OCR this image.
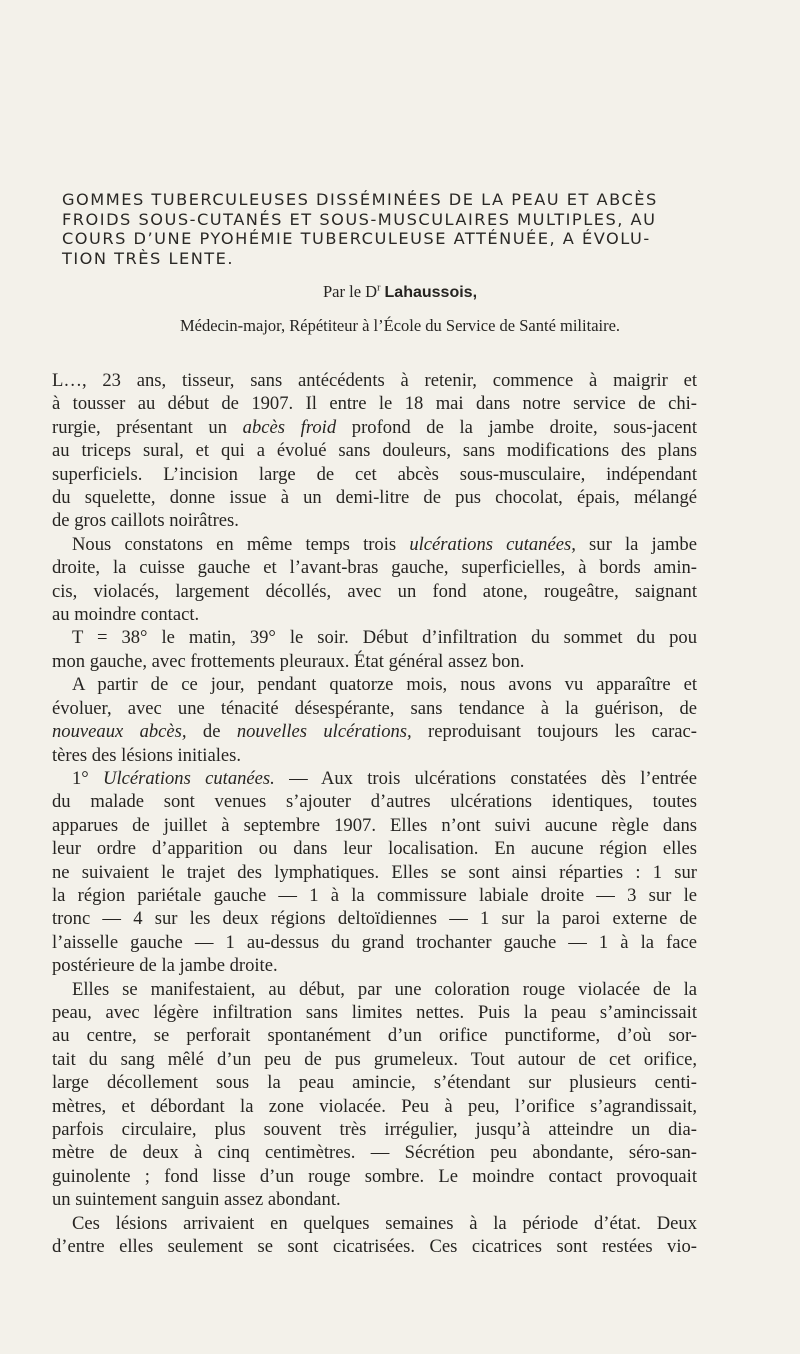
GOMMES TUBERCULEUSES DISSÉMINÉES DE LA PEAU ET ABCÈS
FROIDS SOUS-CUTANÉS ET SOUS-MUSCULAIRES MULTIPLES, AU
COURS D’UNE PYOHÉMIE TUBERCULEUSE ATTÉNUÉE, A ÉVOLU-
TION TRÈS LENTE.
Par le $D^r$ Lahaussois,
Médecin-major, Répétiteur à l’École du Service de Santé militaire.
L…, 23 ans, tisseur, sans antécédents à retenir, commence à maigrir et
à tousser au début de 1907. Il entre le 18 mai dans notre service de chi-
rurgie, présentant un abcès froid profond de la jambe droite, sous-jacent
au triceps sural, et qui a évolué sans douleurs, sans modifications des plans
superficiels. L’incision large de cet abcès sous-musculaire, indépendant
du squelette, donne issue à un demi-litre de pus chocolat, épais, mélangé
de gros caillots noirâtres.
Nous constatons en même temps trois ulcérations cutanées, sur la jambe
droite, la cuisse gauche et l’avant-bras gauche, superficielles, à bords amin-
cis, violacés, largement décollés, avec un fond atone, rougeâtre, saignant
au moindre contact.
T = 38° le matin, 39° le soir. Début d’infiltration du sommet du pou
mon gauche, avec frottements pleuraux. État général assez bon.
A partir de ce jour, pendant quatorze mois, nous avons vu apparaître et
évoluer, avec une ténacité désespérante, sans tendance à la guérison, de
nouveaux abcès, de nouvelles ulcérations, reproduisant toujours les carac-
tères des lésions initiales.
1° Ulcérations cutanées. — Aux trois ulcérations constatées dès l’entrée
du malade sont venues s’ajouter d’autres ulcérations identiques, toutes
apparues de juillet à septembre 1907. Elles n’ont suivi aucune règle dans
leur ordre d’apparition ou dans leur localisation. En aucune région elles
ne suivaient le trajet des lymphatiques. Elles se sont ainsi réparties : 1 sur
la région pariétale gauche — 1 à la commissure labiale droite — 3 sur le
tronc — 4 sur les deux régions deltoïdiennes — 1 sur la paroi externe de
l’aisselle gauche — 1 au-dessus du grand trochanter gauche — 1 à la face
postérieure de la jambe droite.
Elles se manifestaient, au début, par une coloration rouge violacée de la
peau, avec légère infiltration sans limites nettes. Puis la peau s’amincissait
au centre, se perforait spontanément d’un orifice punctiforme, d’où sor-
tait du sang mêlé d’un peu de pus grumeleux. Tout autour de cet orifice,
large décollement sous la peau amincie, s’étendant sur plusieurs centi-
mètres, et débordant la zone violacée. Peu à peu, l’orifice s’agrandissait,
parfois circulaire, plus souvent très irrégulier, jusqu’à atteindre un dia-
mètre de deux à cinq centimètres. — Sécrétion peu abondante, séro-san-
guinolente ; fond lisse d’un rouge sombre. Le moindre contact provoquait
un suintement sanguin assez abondant.
Ces lésions arrivaient en quelques semaines à la période d’état. Deux
d’entre elles seulement se sont cicatrisées. Ces cicatrices sont restées vio-
